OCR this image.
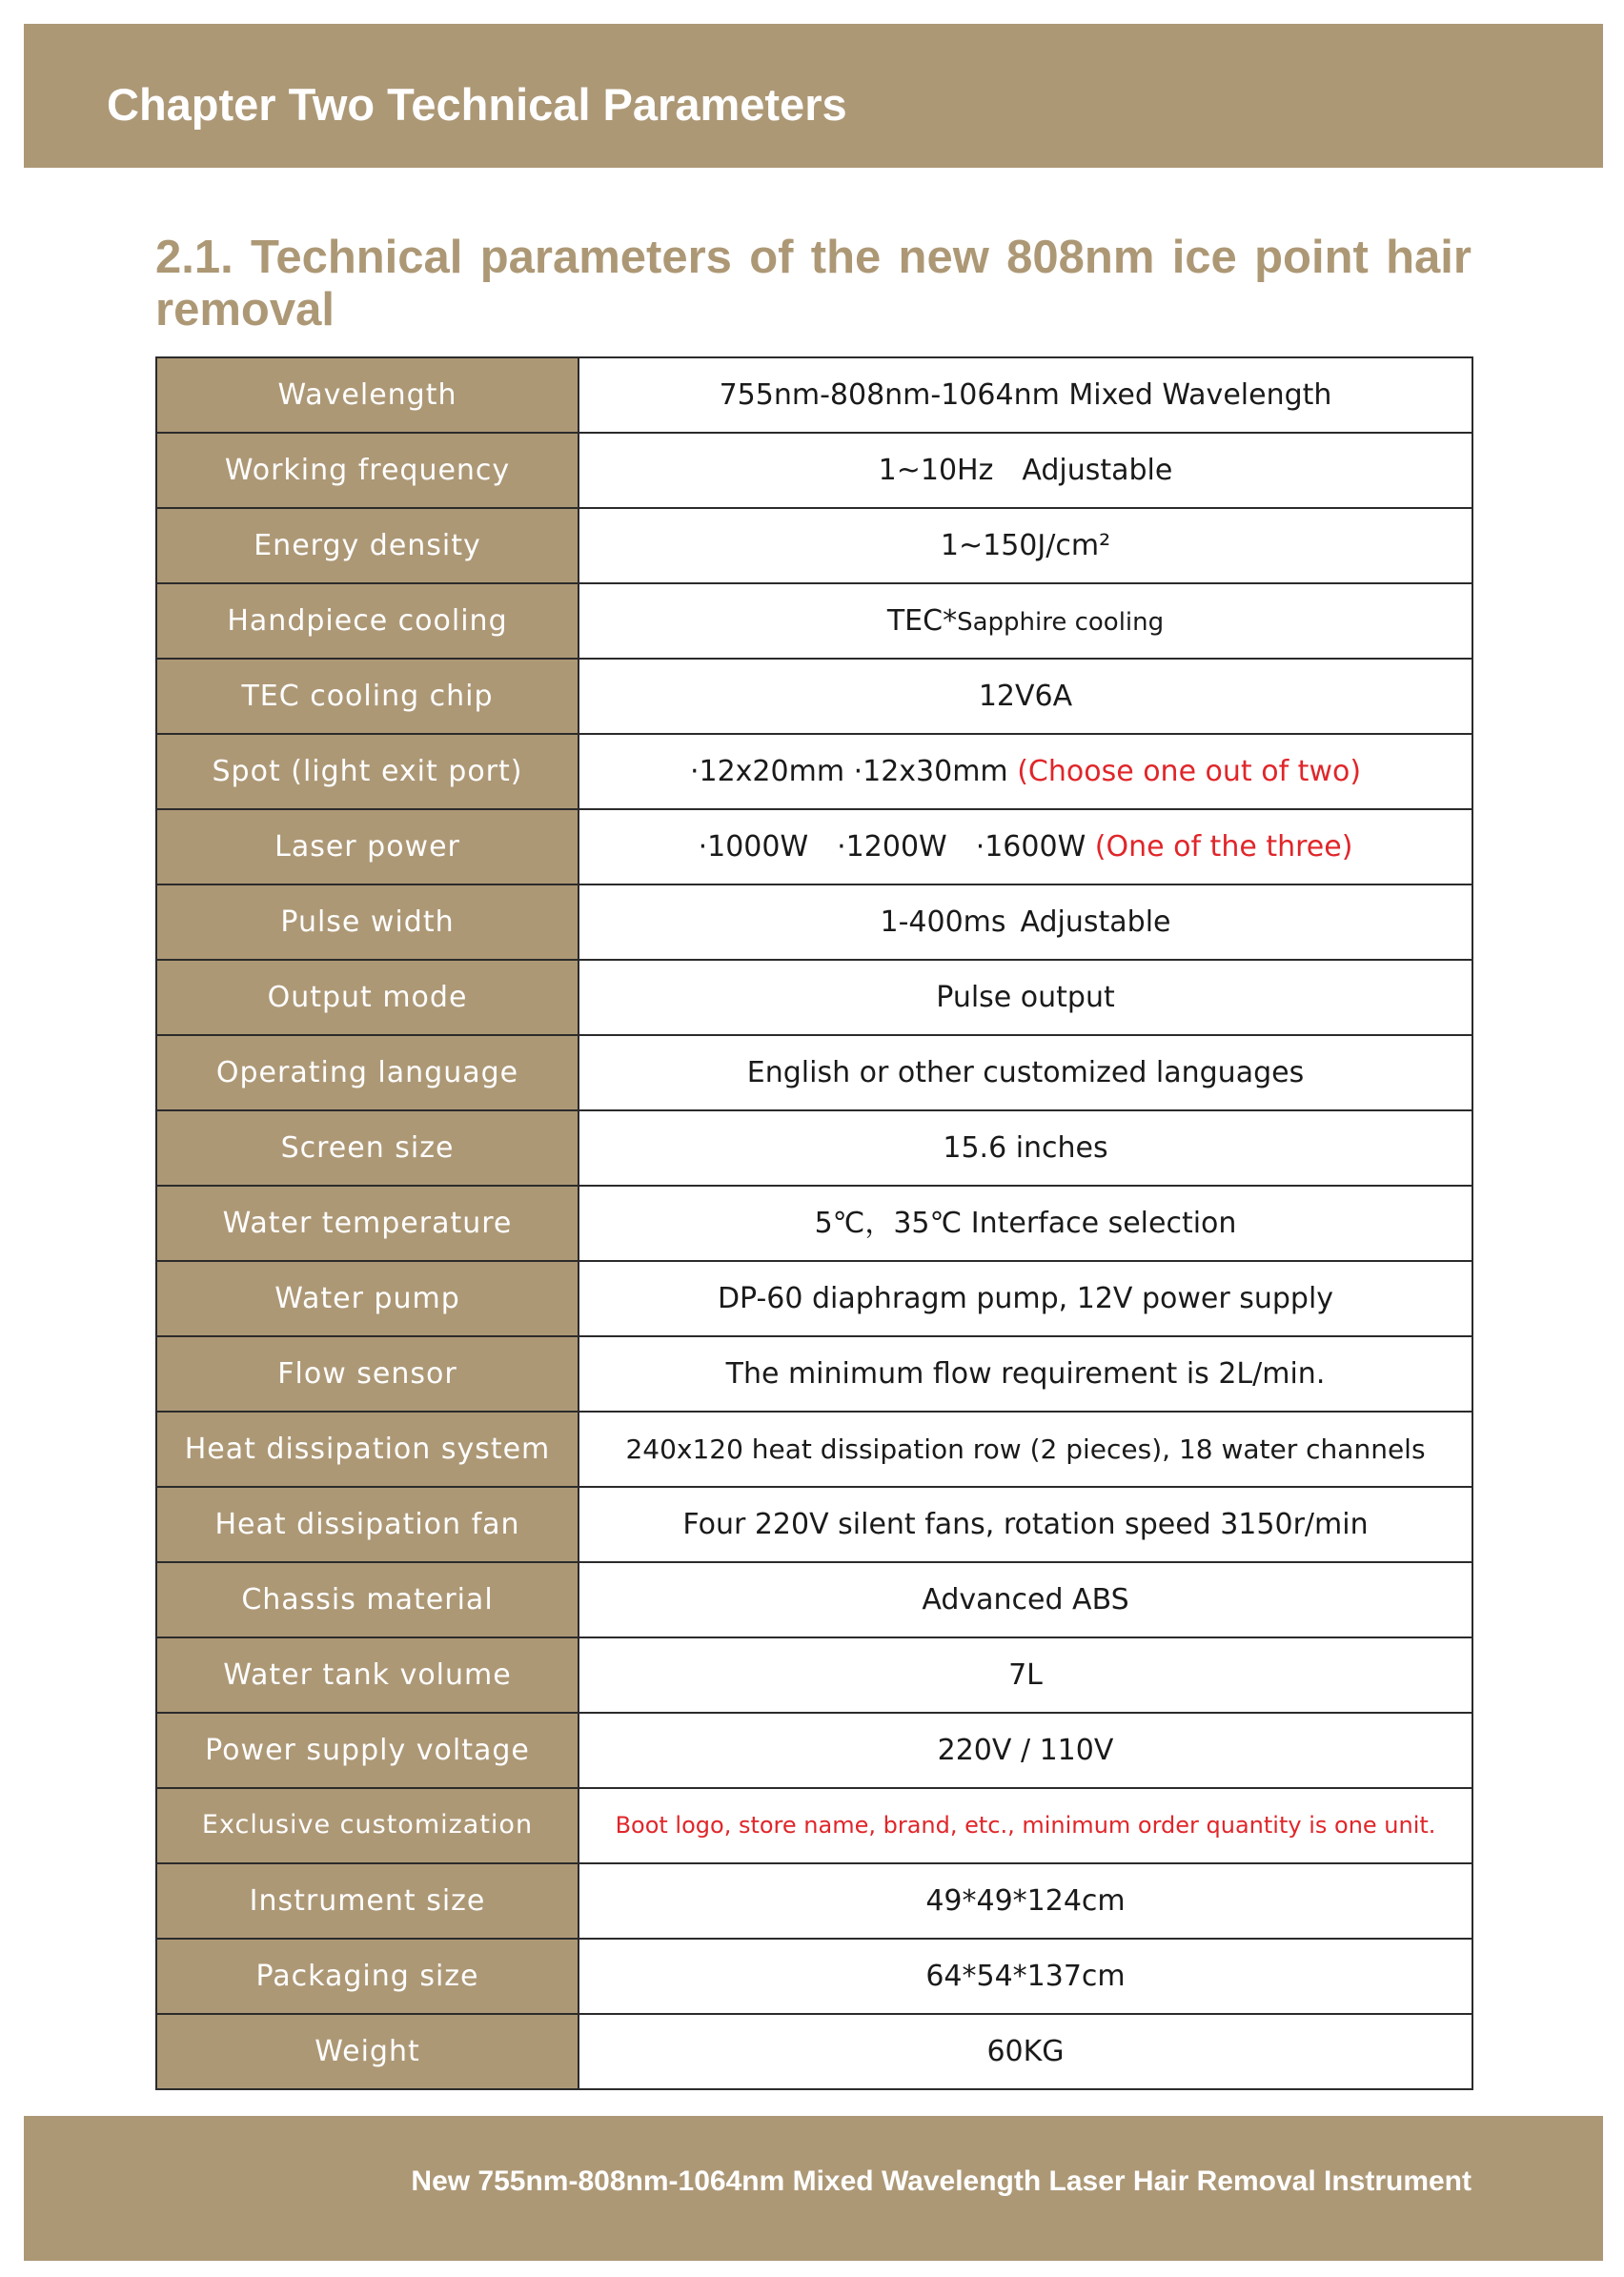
Chapter Two Technical Parameters
2.1. Technical parameters of the new 808nm ice point hair removal
Wavelength	755nm-808nm-1064nm Mixed Wavelength
Working frequency	1~10Hz Adjustable
Energy density	1~150J/cm²
Handpiece cooling	TEC*Sapphire cooling
TEC cooling chip	12V6A
Spot (light exit port)	·12x20mm ·12x30mm (Choose one out of two)
Laser power	·1000W ·1200W ·1600W (One of the three)
Pulse width	1-400ms Adjustable
Output mode	Pulse output
Operating language	English or other customized languages
Screen size	15.6 inches
Water temperature	5℃，35℃ Interface selection
Water pump	DP-60 diaphragm pump, 12V power supply
Flow sensor	The minimum flow requirement is 2L/min.
Heat dissipation system	240x120 heat dissipation row (2 pieces), 18 water channels
Heat dissipation fan	Four 220V silent fans, rotation speed 3150r/min
Chassis material	Advanced ABS
Water tank volume	7L
Power supply voltage	220V / 110V
Exclusive customization	Boot logo, store name, brand, etc., minimum order quantity is one unit.
Instrument size	49*49*124cm
Packaging size	64*54*137cm
Weight	60KG

New 755nm-808nm-1064nm Mixed Wavelength Laser Hair Removal Instrument
